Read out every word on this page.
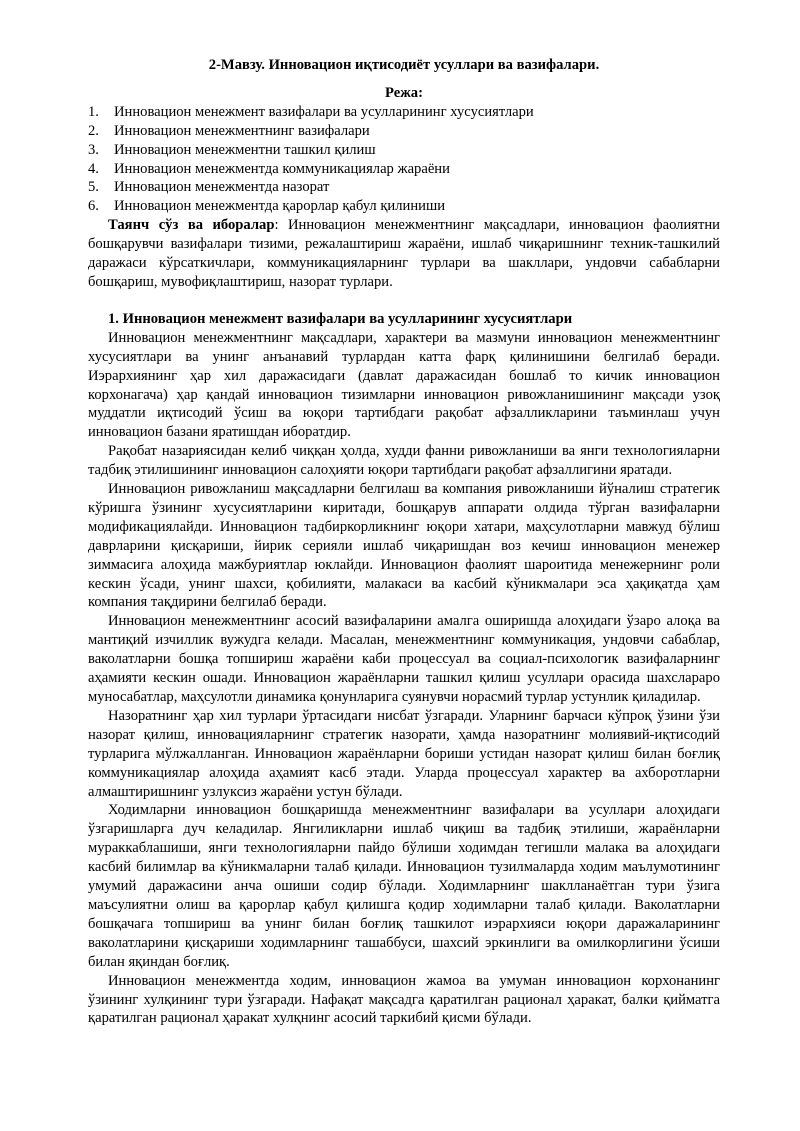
2-Мавзу. Инновацион иқтисодиёт усуллари ва вазифалари.
Режа:
1.	Инновацион менежмент вазифалари ва усулларининг хусусиятлари
2.	Инновацион менежментнинг вазифалари
3.	Инновацион менежментни ташкил қилиш
4.	Инновацион менежментда коммуникациялар жараёни
5.	Инновацион менежментда назорат
6.	Инновацион менежментда қарорлар қабул қилиниши

Таянч сўз ва иборалар: Инновацион менежментнинг мақсадлари, инновацион фаолиятни бошқарувчи вазифалари тизими, режалаштириш жараёни, ишлаб чиқаришнинг техник-ташкилий даражаси кўрсаткичлари, коммуникацияларнинг турлари ва шакллари, ундовчи сабабларни бошқариш, мувофиқлаштириш, назорат турлари.

1. Инновацион менежмент вазифалари ва усулларининг хусусиятлари

Инновацион менежментнинг мақсадлари, характери ва мазмуни инновацион менежментнинг хусусиятлари ва унинг анъанавий турлардан катта фарқ қилинишини белгилаб беради. Иэрархиянинг ҳар хил даражасидаги (давлат даражасидан бошлаб то кичик инновацион корхонагача) ҳар қандай инновацион тизимларни инновацион ривожланишининг мақсади узоқ муддатли иқтисодий ўсиш ва юқори тартибдаги рақобат афзалликларини таъминлаш учун инновацион базани яратишдан иборатдир.

Рақобат назариясидан келиб чиққан ҳолда, худди фанни ривожланиши ва янги технологияларни тадбиқ этилишининг инновацион салоҳияти юқори тартибдаги рақобат афзаллигини яратади.

Инновацион ривожланиш мақсадларни белгилаш ва компания ривожланиши йўналиш стратегик кўришга ўзининг хусусиятларини киритади, бошқарув аппарати олдида тўрган вазифаларни модификациялайди. Инновацион тадбиркорликнинг юқори хатари, маҳсулотларни мавжуд бўлиш даврларини қисқариши, йирик серияли ишлаб чиқаришдан воз кечиш инновацион менежер зиммасига алоҳида мажбуриятлар юклайди. Инновацион фаолият шароитида менежернинг роли кескин ўсади, унинг шахси, қобилияти, малакаси ва касбий кўникмалари эса ҳақиқатда ҳам компания тақдирини белгилаб беради.

Инновацион менежментнинг асосий вазифаларини амалга оширишда алоҳидаги ўзаро алоқа ва мантиқий изчиллик вужудга келади. Масалан, менежментнинг коммуникация, ундовчи сабаблар, ваколатларни бошқа топшириш жараёни каби процессуал ва социал-психологик вазифаларнинг аҳамияти кескин ошади. Инновацион жараёнларни ташкил қилиш усуллари орасида шахслараро муносабатлар, маҳсулотли динамика қонунларига суянувчи норасмий турлар устунлик қиладилар.

Назоратнинг ҳар хил турлари ўртасидаги нисбат ўзгаради. Уларнинг барчаси кўпроқ ўзини ўзи назорат қилиш, инновацияларнинг стратегик назорати, ҳамда назоратнинг молиявий-иқтисодий турларига мўлжалланган. Инновацион жараёнларни бориши устидан назорат қилиш билан боғлиқ коммуникациялар алоҳида аҳамият касб этади. Уларда процессуал характер ва ахборотларни алмаштиришнинг узлуксиз жараёни устун бўлади.

Ходимларни инновацион бошқаришда менежментнинг вазифалари ва усуллари алоҳидаги ўзгаришларга дуч келадилар. Янгиликларни ишлаб чиқиш ва тадбиқ этилиши, жараёнларни мураккаблашиши, янги технологияларни пайдо бўлиши ходимдан тегишли малака ва алоҳидаги касбий билимлар ва кўникмаларни талаб қилади. Инновацион тузилмаларда ходим маълумотининг умумий даражасини анча ошиши содир бўлади. Ходимларнинг шаклланаётган тури ўзига маъсулиятни олиш ва қарорлар қабул қилишга қодир ходимларни талаб қилади. Ваколатларни бошқачага топшириш ва унинг билан боғлиқ ташкилот иэрархияси юқори даражаларининг ваколатларини қисқариши ходимларнинг ташаббуси, шахсий эркинлиги ва омилкорлигини ўсиши билан яқиндан боғлиқ.

Инновацион менежментда ходим, инновацион жамоа ва умуман инновацион корхонанинг ўзининг хулқининг тури ўзгаради. Нафақат мақсадга қаратилган рационал ҳаракат, балки қийматга қаратилган рационал ҳаракат хулқнинг асосий таркибий қисми бўлади.
